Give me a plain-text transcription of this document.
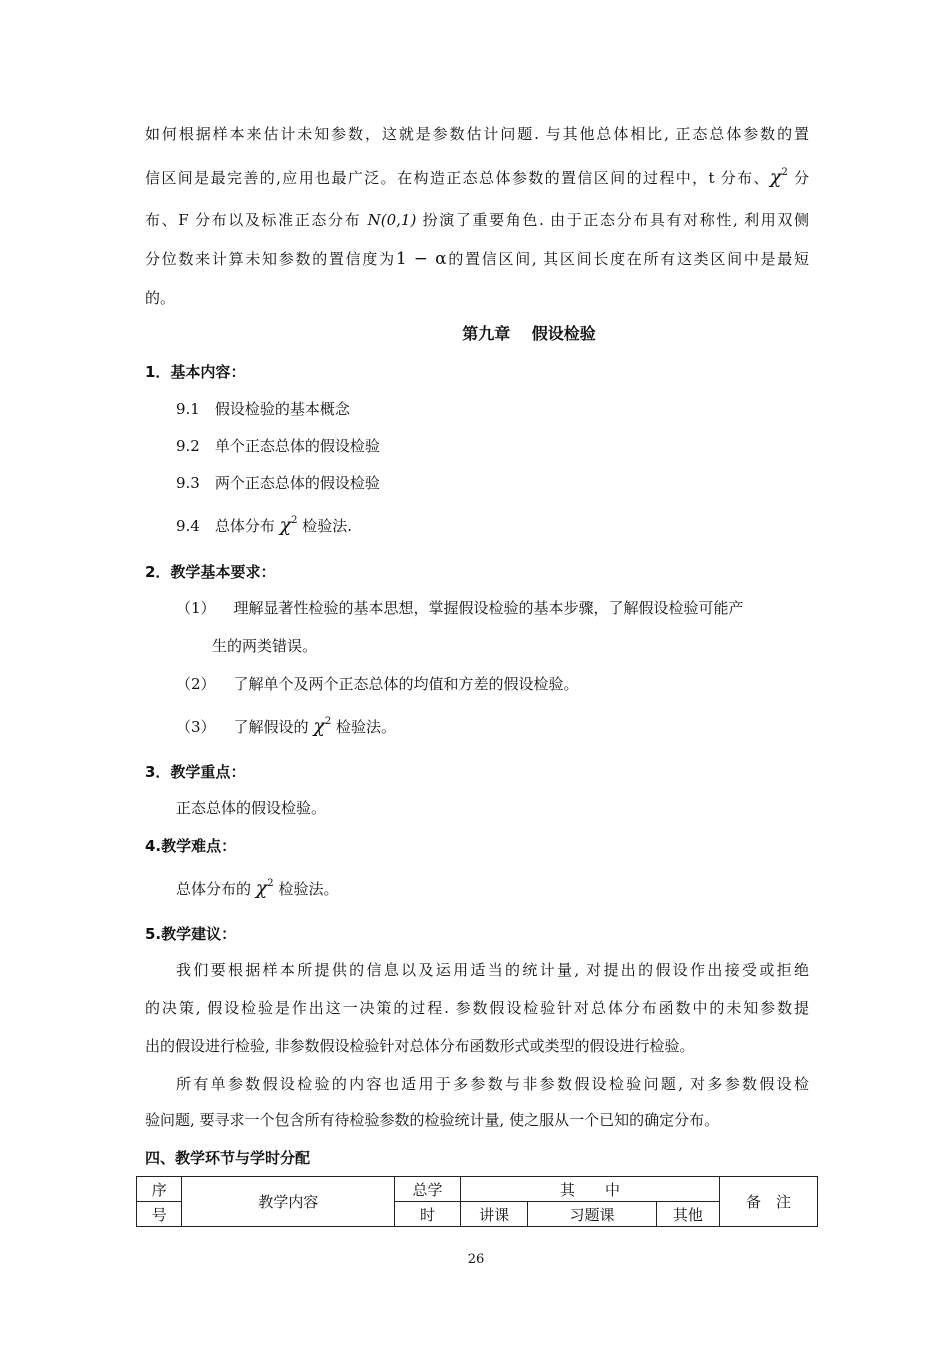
如何根据样本来估计未知参数，这就是参数估计问题. 与其他总体相比, 正态总体参数的置
信区间是最完善的,应用也最广泛。在构造正态总体参数的置信区间的过程中，t 分布、$\chi^2$ 分
布、F 分布以及标准正态分布 N(0,1) 扮演了重要角色. 由于正态分布具有对称性, 利用双侧
分位数来计算未知参数的置信度为1 − α的置信区间, 其区间长度在所有这类区间中是最短
的。
第九章　 假设检验
1．基本内容：
9.1　假设检验的基本概念
9.2　单个正态总体的假设检验
9.3　两个正态总体的假设检验
9.4　总体分布 $\chi^2$ 检验法.
2．教学基本要求：
（1） 理解显著性检验的基本思想，掌握假设检验的基本步骤，了解假设检验可能产
生的两类错误。
（2） 了解单个及两个正态总体的均值和方差的假设检验。
（3） 了解假设的 $\chi^2$ 检验法。
3．教学重点：
正态总体的假设检验。
4.教学难点：
总体分布的 $\chi^2$ 检验法。
5.教学建议：
我们要根据样本所提供的信息以及运用适当的统计量, 对提出的假设作出接受或拒绝
的决策, 假设检验是作出这一决策的过程. 参数假设检验针对总体分布函数中的未知参数提
出的假设进行检验, 非参数假设检验针对总体分布函数形式或类型的假设进行检验。
所有单参数假设检验的内容也适用于多参数与非参数假设检验问题, 对多参数假设检
验问题, 要寻求一个包含所有待检验参数的检验统计量, 使之服从一个已知的确定分布。
四、教学环节与学时分配
序	教学内容	总学	其　　中			备　注
号		时	讲课	习题课	其他	
26
